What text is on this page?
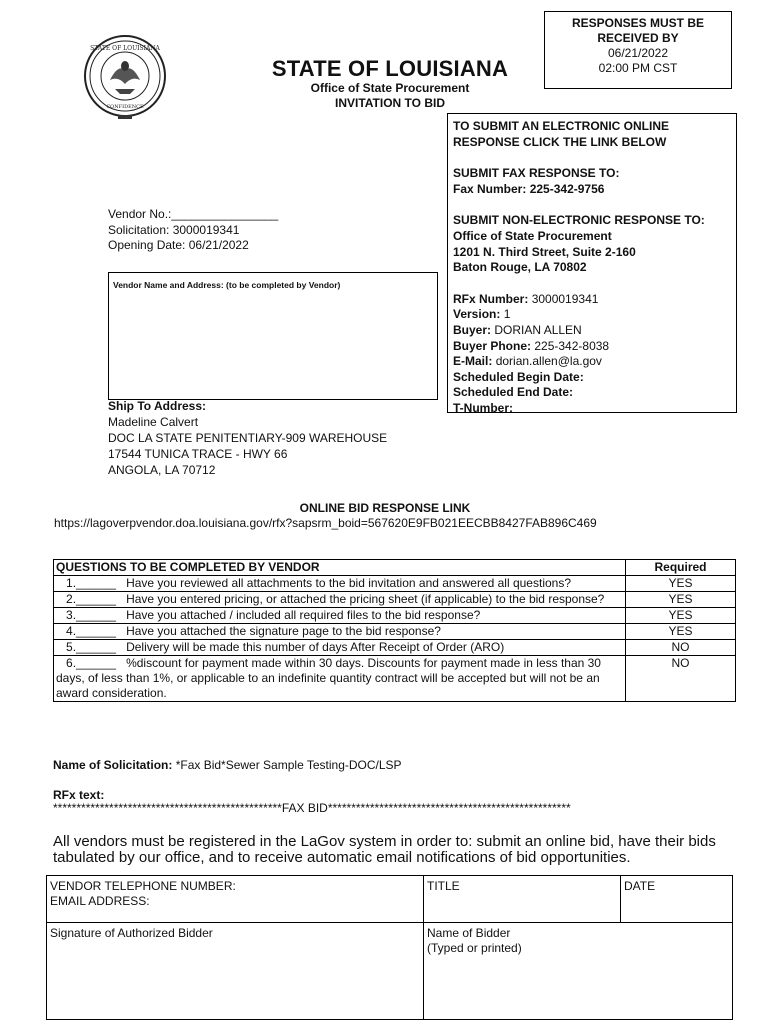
STATE OF LOUISIANA
CONFIDENCE
RESPONSES MUST BE
RECEIVED BY
06/21/2022
02:00 PM CST
STATE OF LOUISIANA
Office of State Procurement
INVITATION TO BID
TO SUBMIT AN ELECTRONIC ONLINE
RESPONSE CLICK THE LINK BELOW
SUBMIT FAX RESPONSE TO:
Fax Number: 225-342-9756
SUBMIT NON-ELECTRONIC RESPONSE TO:
Office of State Procurement
1201 N. Third Street, Suite 2-160
Baton Rouge, LA 70802
RFx Number: 3000019341
Version: 1
Buyer: DORIAN ALLEN
Buyer Phone: 225-342-8038
E-Mail: dorian.allen@la.gov
Scheduled Begin Date:
Scheduled End Date:
T-Number:
Vendor No.:________________
Solicitation: 3000019341
Opening Date: 06/21/2022
Vendor Name and Address: (to be completed by Vendor)
Ship To Address:
Madeline Calvert
DOC LA STATE PENITENTIARY-909 WAREHOUSE
17544 TUNICA TRACE - HWY 66
ANGOLA, LA 70712
ONLINE BID RESPONSE LINK
https://lagoverpvendor.doa.louisiana.gov/rfx?sapsrm_boid=567620E9FB021EECBB8427FAB896C469
QUESTIONS TO BE COMPLETED BY VENDOR	Required
1.______   Have you reviewed all attachments to the bid invitation and answered all questions?	YES
2.______   Have you entered pricing, or attached the pricing sheet (if applicable) to the bid response?	YES
3.______   Have you attached / included all required files to the bid response?	YES
4.______   Have you attached the signature page to the bid response?	YES
5.______   Delivery will be made this number of days After Receipt of Order (ARO)	NO
6.______   %discount for payment made within 30 days. Discounts for payment made in less than 30 days, of less than 1%, or applicable to an indefinite quantity contract will be accepted but will not be an award consideration.	NO
Name of Solicitation: *Fax Bid*Sewer Sample Testing-DOC/LSP
RFx text:
*************************************************FAX BID****************************************************
All vendors must be registered in the LaGov system in order to: submit an online bid, have their bids tabulated by our office, and to receive automatic email notifications of bid opportunities.
VENDOR TELEPHONE NUMBER:
EMAIL ADDRESS:	TITLE	DATE

Signature of Authorized Bidder	Name of Bidder
(Typed or printed)	
